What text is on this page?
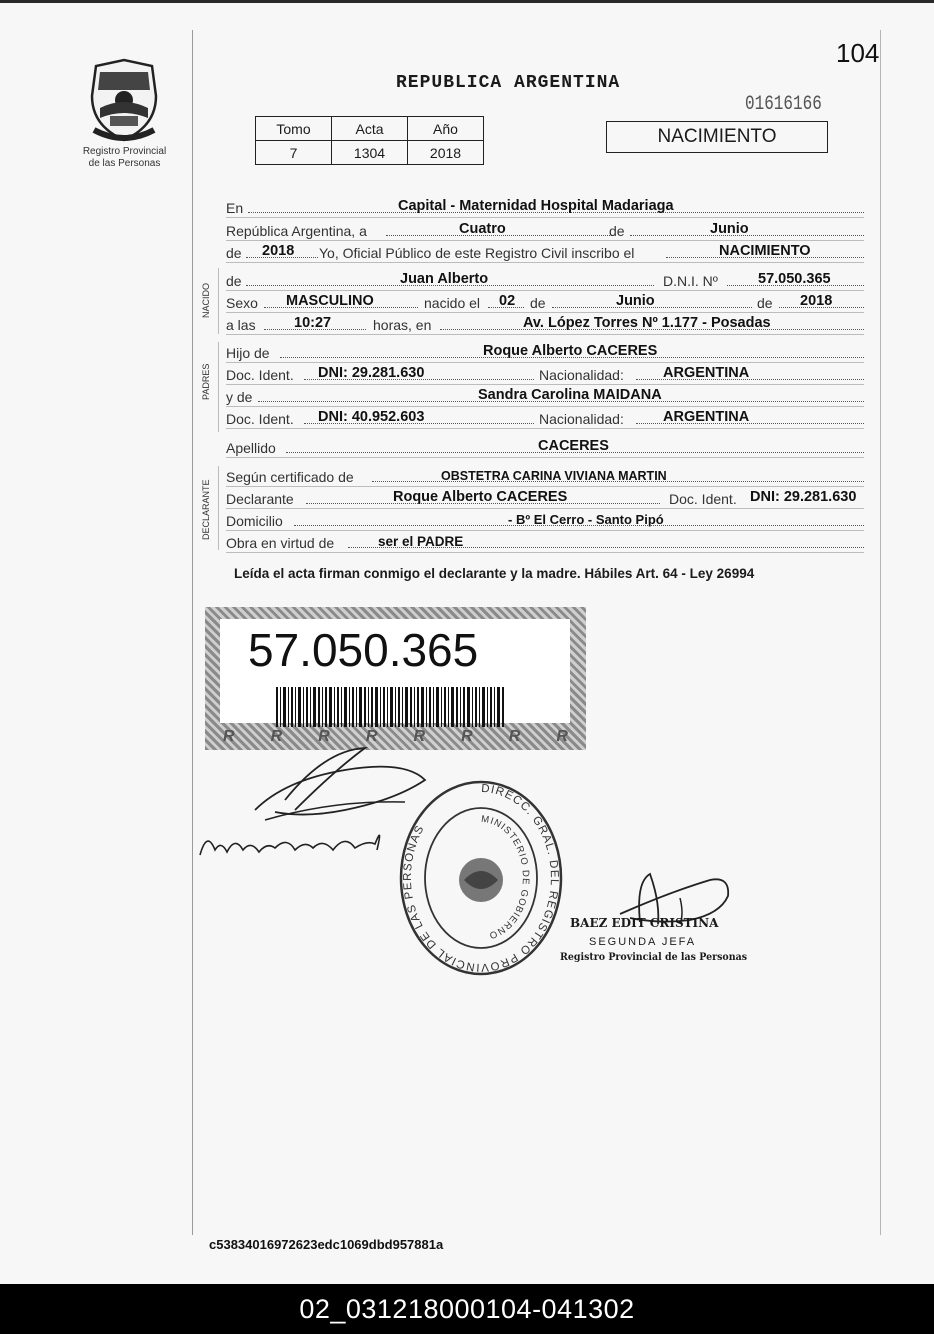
Registro Provincial
de las Personas
104
REPUBLICA ARGENTINA
01616166
Tomo	Acta	Año
7	1304	2018
NACIMIENTO
En	Capital - Maternidad Hospital Madariaga
República Argentina, a	Cuatro	de	Junio
de 2018 Yo, Oficial Público de este Registro Civil inscribo el	NACIMIENTO
NACIDO
de	Juan Alberto	D.N.I. Nº	57.050.365
Sexo MASCULINO	nacido el 02 de	Junio	de 2018
a las	10:27	horas, en	Av. López Torres Nº 1.177 - Posadas
PADRES
Hijo de	Roque Alberto CACERES
Doc. Ident. DNI: 29.281.630	Nacionalidad:	ARGENTINA
y de	Sandra Carolina MAIDANA
Doc. Ident. DNI: 40.952.603	Nacionalidad:	ARGENTINA
Apellido	CACERES
DECLARANTE
Según certificado de	OBSTETRA CARINA VIVIANA MARTIN
Declarante	Roque Alberto CACERES	Doc. Ident. DNI: 29.281.630
Domicilio	- Bº El Cerro - Santo Pipó
Obra en virtud de	ser el PADRE
Leída el acta firman conmigo el declarante y la madre. Hábiles Art. 64 - Ley 26994
57.050.365
R R R R R R R R
DIRECC. GRAL. DEL REGISTRO PROVINCIAL DE LAS PERSONAS
MINISTERIO DE GOBIERNO
BAEZ EDIT CRISTINA
SEGUNDA JEFA
Registro Provincial de las Personas
c53834016972623edc1069dbd957881a
02_031218000104-041302
